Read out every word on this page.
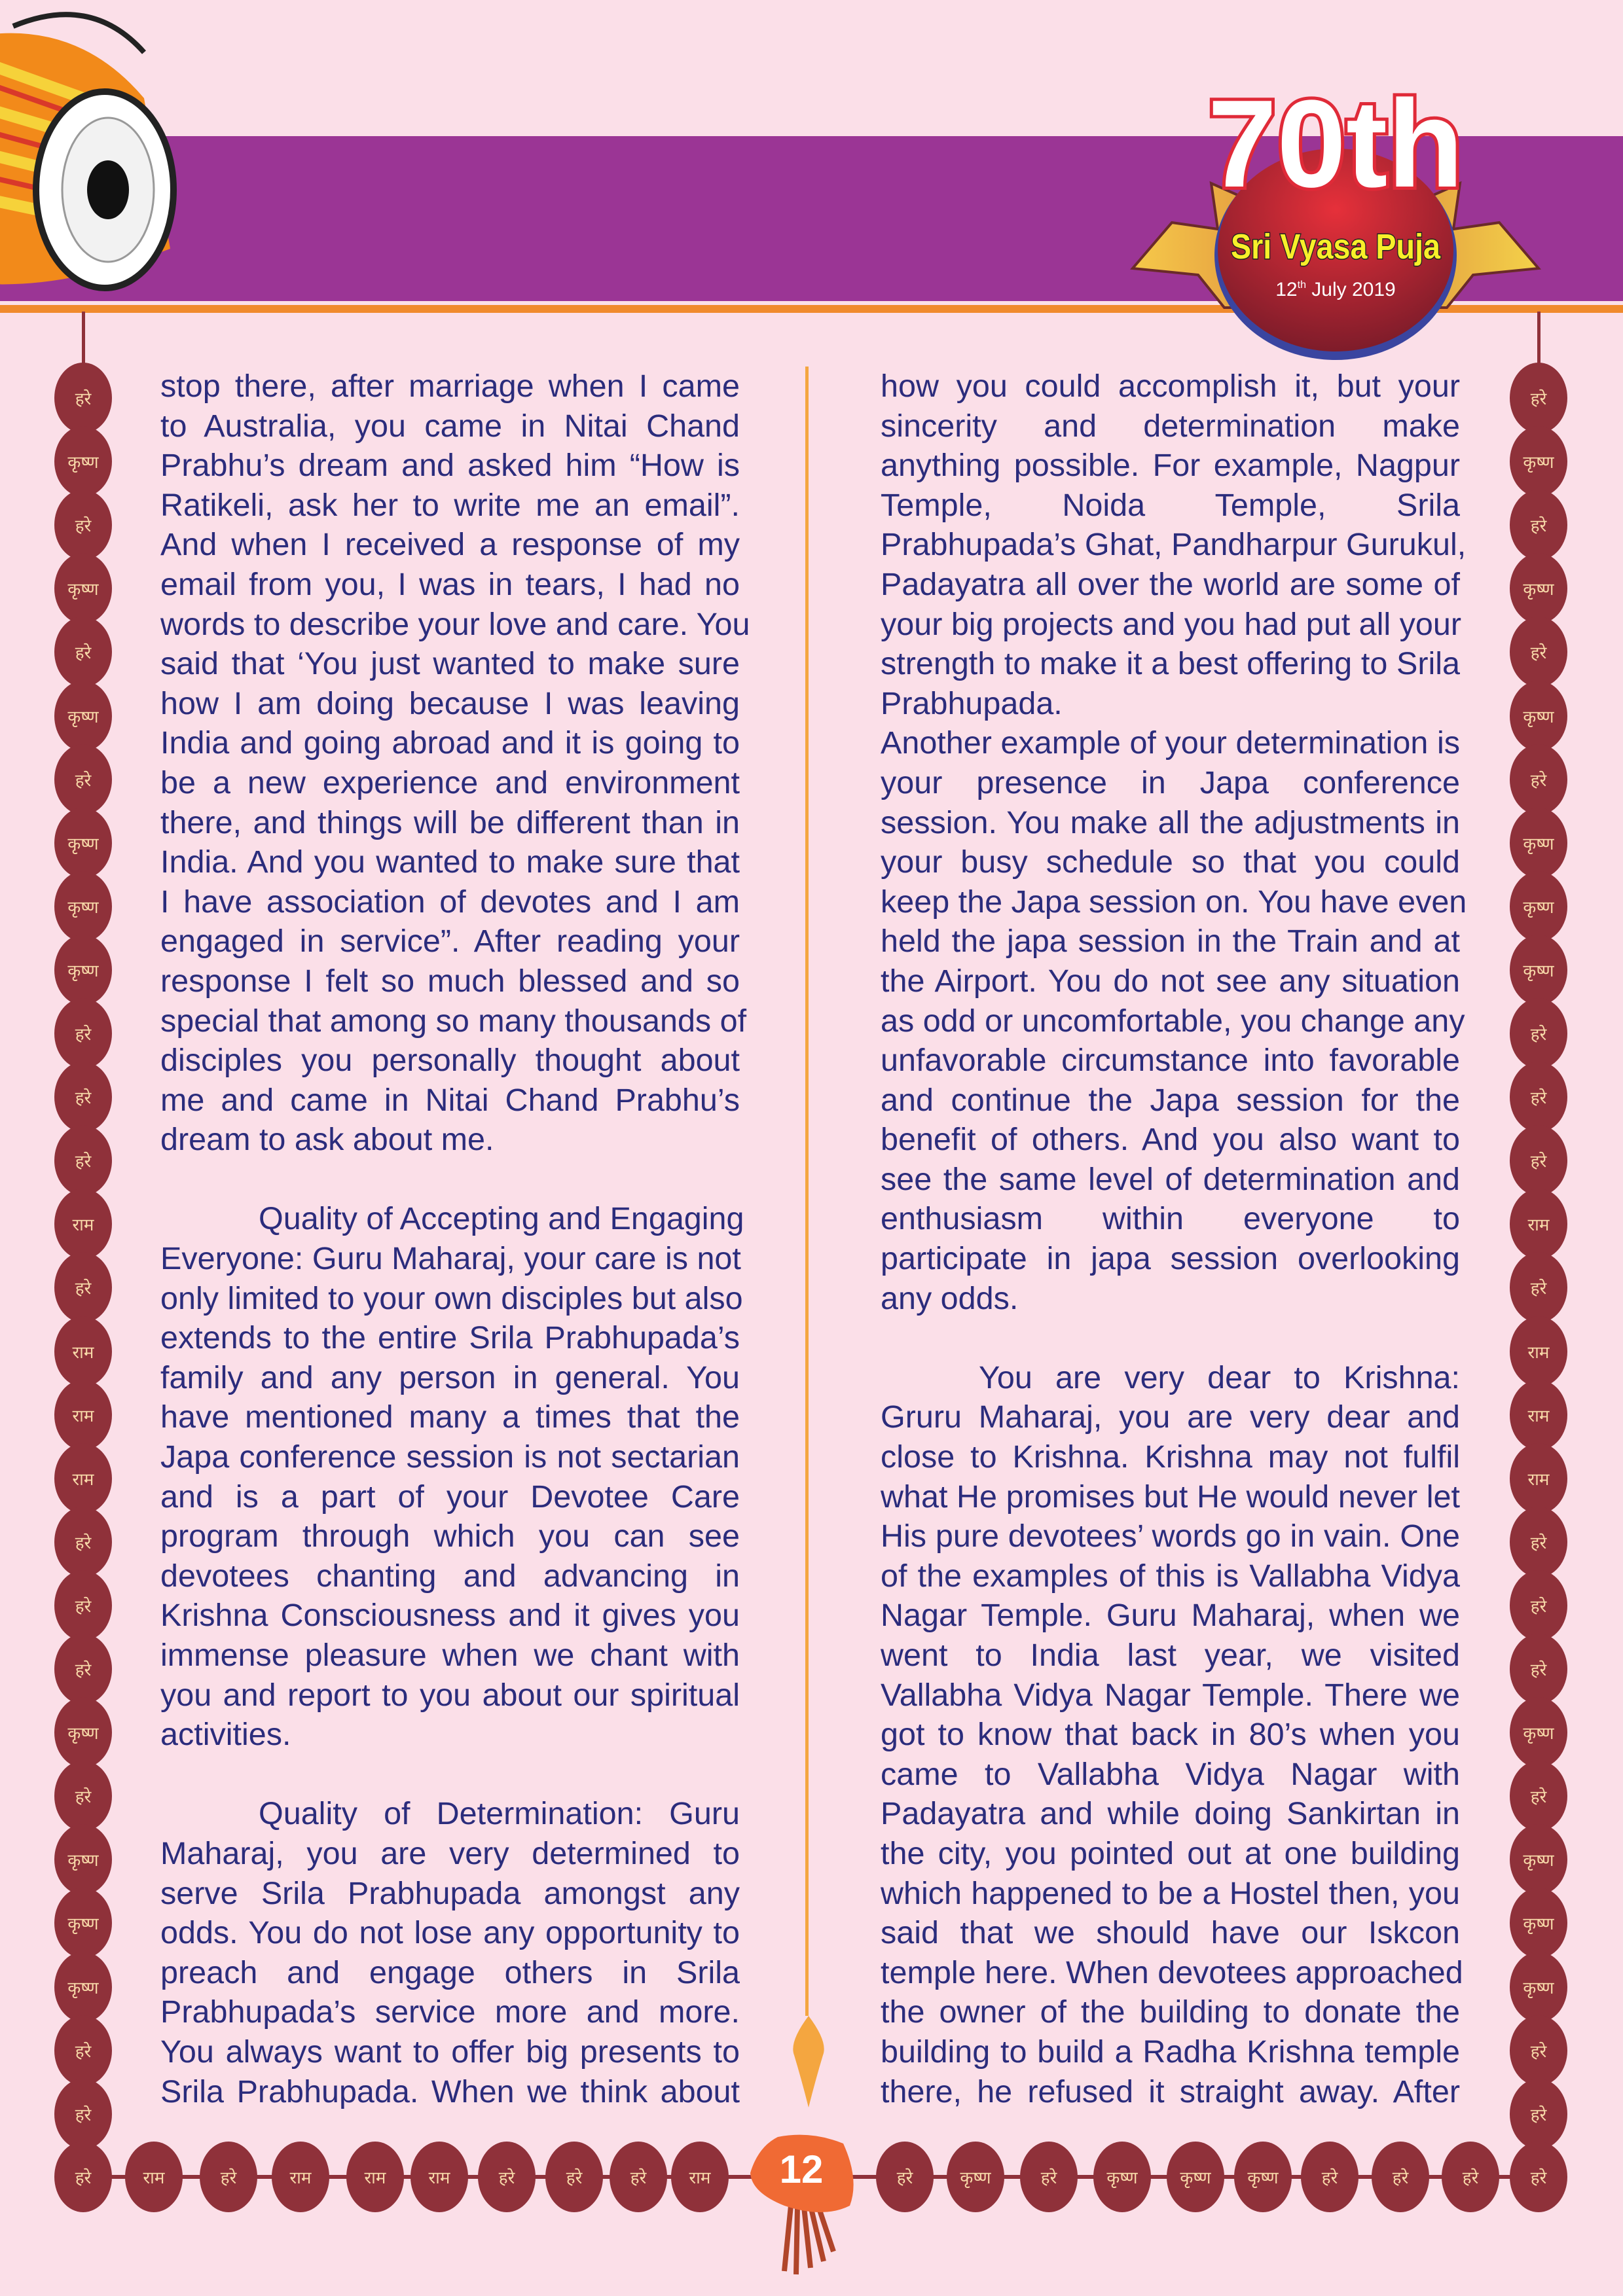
70th
Sri Vyasa Puja
12th July 2019
stop there, after marriage when I came
to Australia, you came in Nitai Chand
Prabhu’s dream and asked him “How is
Ratikeli, ask her to write me an email”.
And when I received a response of my
email from you, I was in tears, I had no
words to describe your love and care. You
said that ‘You just wanted to make sure
how I am doing because I was leaving
India and going abroad and it is going to
be a new experience and environment
there, and things will be different than in
India. And you wanted to make sure that
I have association of devotes and I am
engaged in service”. After reading your
response I felt so much blessed and so
special that among so many thousands of
disciples you personally thought about
me and came in Nitai Chand Prabhu’s
dream to ask about me.
Quality of Accepting and Engaging
Everyone: Guru Maharaj, your care is not
only limited to your own disciples but also
extends to the entire Srila Prabhupada’s
family and any person in general. You
have mentioned many a times that the
Japa conference session is not sectarian
and is a part of your Devotee Care
program through which you can see
devotees chanting and advancing in
Krishna Consciousness and it gives you
immense pleasure when we chant with
you and report to you about our spiritual
activities.
Quality of Determination: Guru
Maharaj, you are very determined to
serve Srila Prabhupada amongst any
odds. You do not lose any opportunity to
preach and engage others in Srila
Prabhupada’s service more and more.
You always want to offer big presents to
Srila Prabhupada. When we think about
how you could accomplish it, but your
sincerity and determination make
anything possible. For example, Nagpur
Temple, Noida Temple, Srila
Prabhupada’s Ghat, Pandharpur Gurukul,
Padayatra all over the world are some of
your big projects and you had put all your
strength to make it a best offering to Srila
Prabhupada.
Another example of your determination is
your presence in Japa conference
session. You make all the adjustments in
your busy schedule so that you could
keep the Japa session on. You have even
held the japa session in the Train and at
the Airport. You do not see any situation
as odd or uncomfortable, you change any
unfavorable circumstance into favorable
and continue the Japa session for the
benefit of others. And you also want to
see the same level of determination and
enthusiasm within everyone to
participate in japa session overlooking
any odds.
You are very dear to Krishna:
Gruru Maharaj, you are very dear and
close to Krishna. Krishna may not fulfil
what He promises but He would never let
His pure devotees’ words go in vain. One
of the examples of this is Vallabha Vidya
Nagar Temple. Guru Maharaj, when we
went to India last year, we visited
Vallabha Vidya Nagar Temple. There we
got to know that back in 80’s when you
came to Vallabha Vidya Nagar with
Padayatra and while doing Sankirtan in
the city, you pointed out at one building
which happened to be a Hostel then, you
said that we should have our Iskcon
temple here. When devotees approached
the owner of the building to donate the
building to build a Radha Krishna temple
there, he refused it straight away. After
हरे
कृष्ण
हरे
कृष्ण
हरे
कृष्ण
हरे
कृष्ण
कृष्ण
कृष्ण
हरे
हरे
हरे
राम
हरे
राम
राम
राम
हरे
हरे
हरे
कृष्ण
हरे
कृष्ण
कृष्ण
कृष्ण
हरे
हरे
हरे
कृष्ण
हरे
कृष्ण
हरे
कृष्ण
हरे
कृष्ण
कृष्ण
कृष्ण
हरे
हरे
हरे
राम
हरे
राम
राम
राम
हरे
हरे
हरे
कृष्ण
हरे
कृष्ण
कृष्ण
कृष्ण
हरे
हरे
हरे	राम	हरे	राम	राम	राम	हरे	हरे	हरे	राम	हरे	कृष्ण	हरे	कृष्ण	कृष्ण	कृष्ण	हरे	हरे	हरे	हरे
12
